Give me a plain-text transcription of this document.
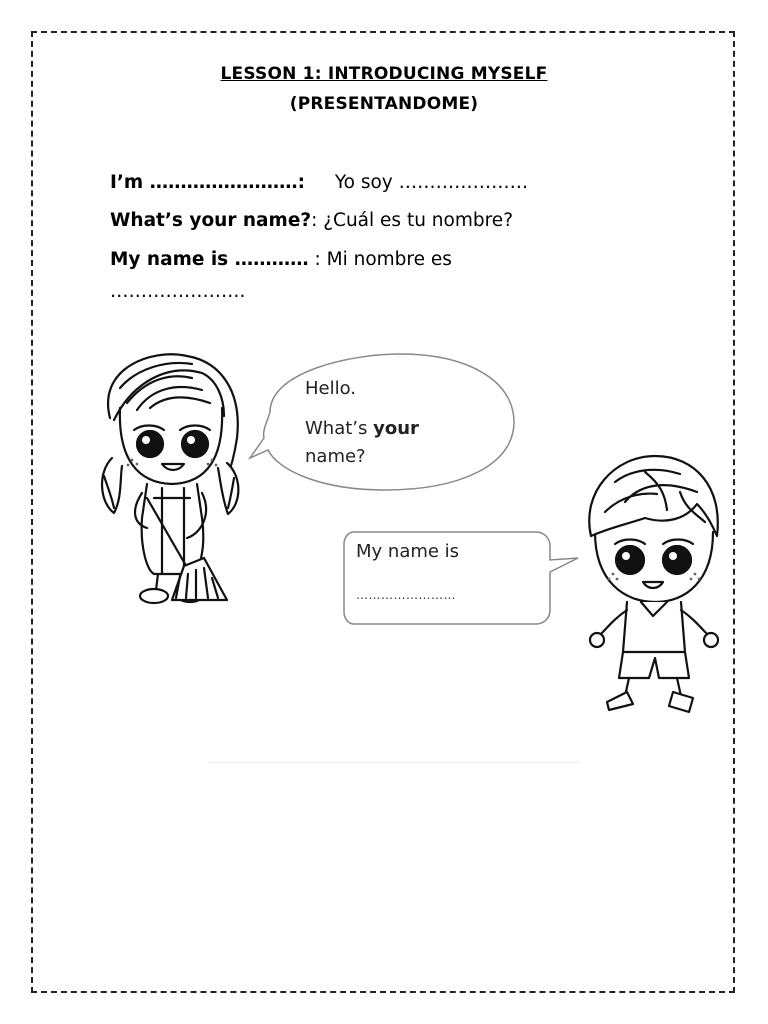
LESSON 1: INTRODUCING MYSELF
(PRESENTANDOME)
I’m ……………………: Yo soy …………………
What’s your name?: ¿Cuál es tu nombre?
My name is ………… : Mi nombre es
………………….
Hello.
What’s your
name?
My name is
……………………
